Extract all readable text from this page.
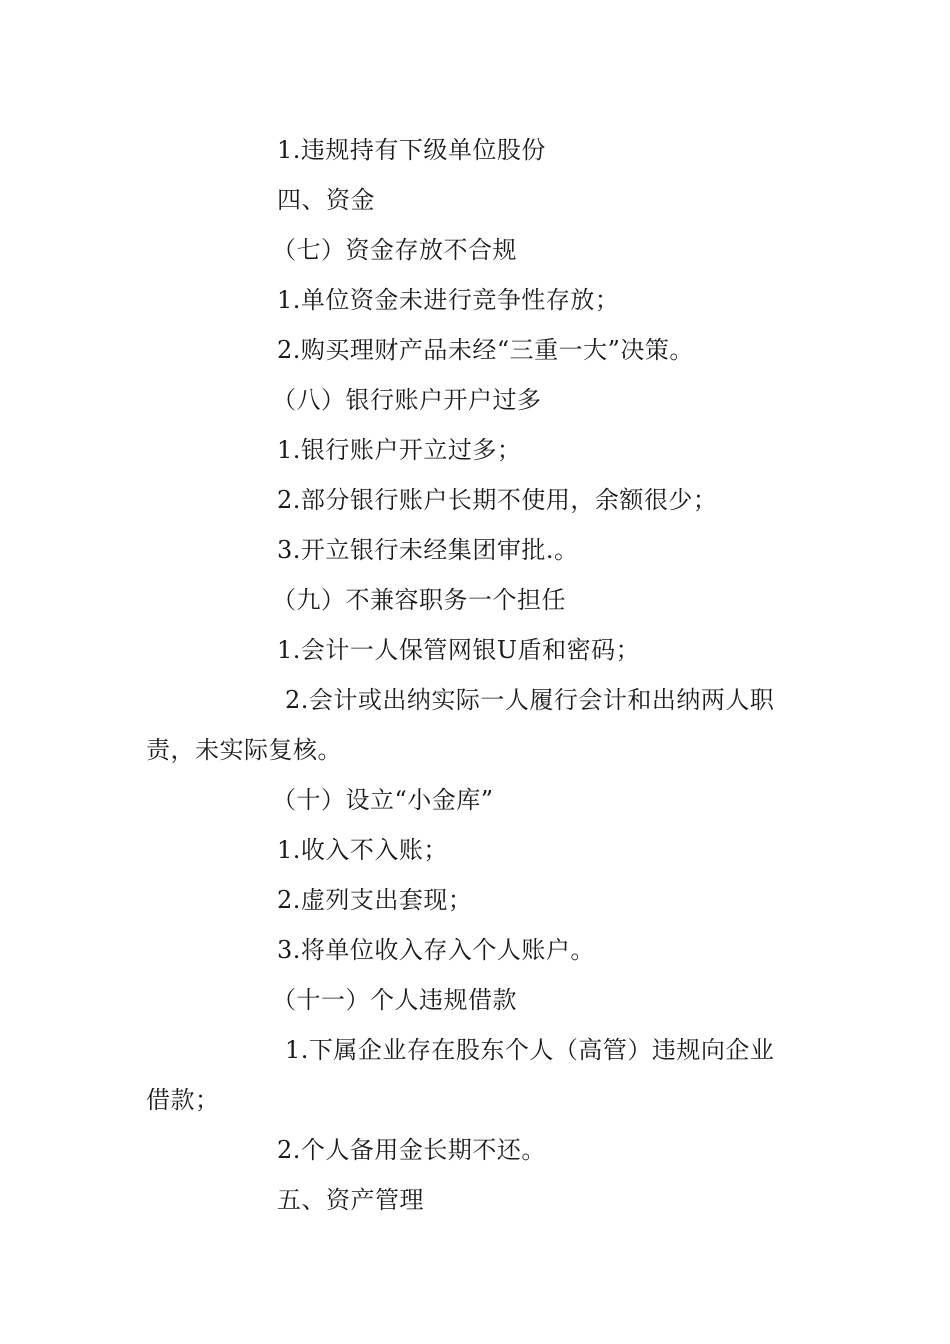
1.违规持有下级单位股份
四、资金
（七）资金存放不合规
1.单位资金未进行竞争性存放；
2.购买理财产品未经“三重一大”决策。
（八）银行账户开户过多
1.银行账户开立过多；
2.部分银行账户长期不使用，余额很少；
3.开立银行未经集团审批.。
（九）不兼容职务一个担任
1.会计一人保管网银U盾和密码；
2.会计或出纳实际一人履行会计和出纳两人职
责，未实际复核。
（十）设立“小金库”
1.收入不入账；
2.虚列支出套现；
3.将单位收入存入个人账户。
（十一）个人违规借款
1.下属企业存在股东个人（高管）违规向企业
借款；
2.个人备用金长期不还。
五、资产管理
